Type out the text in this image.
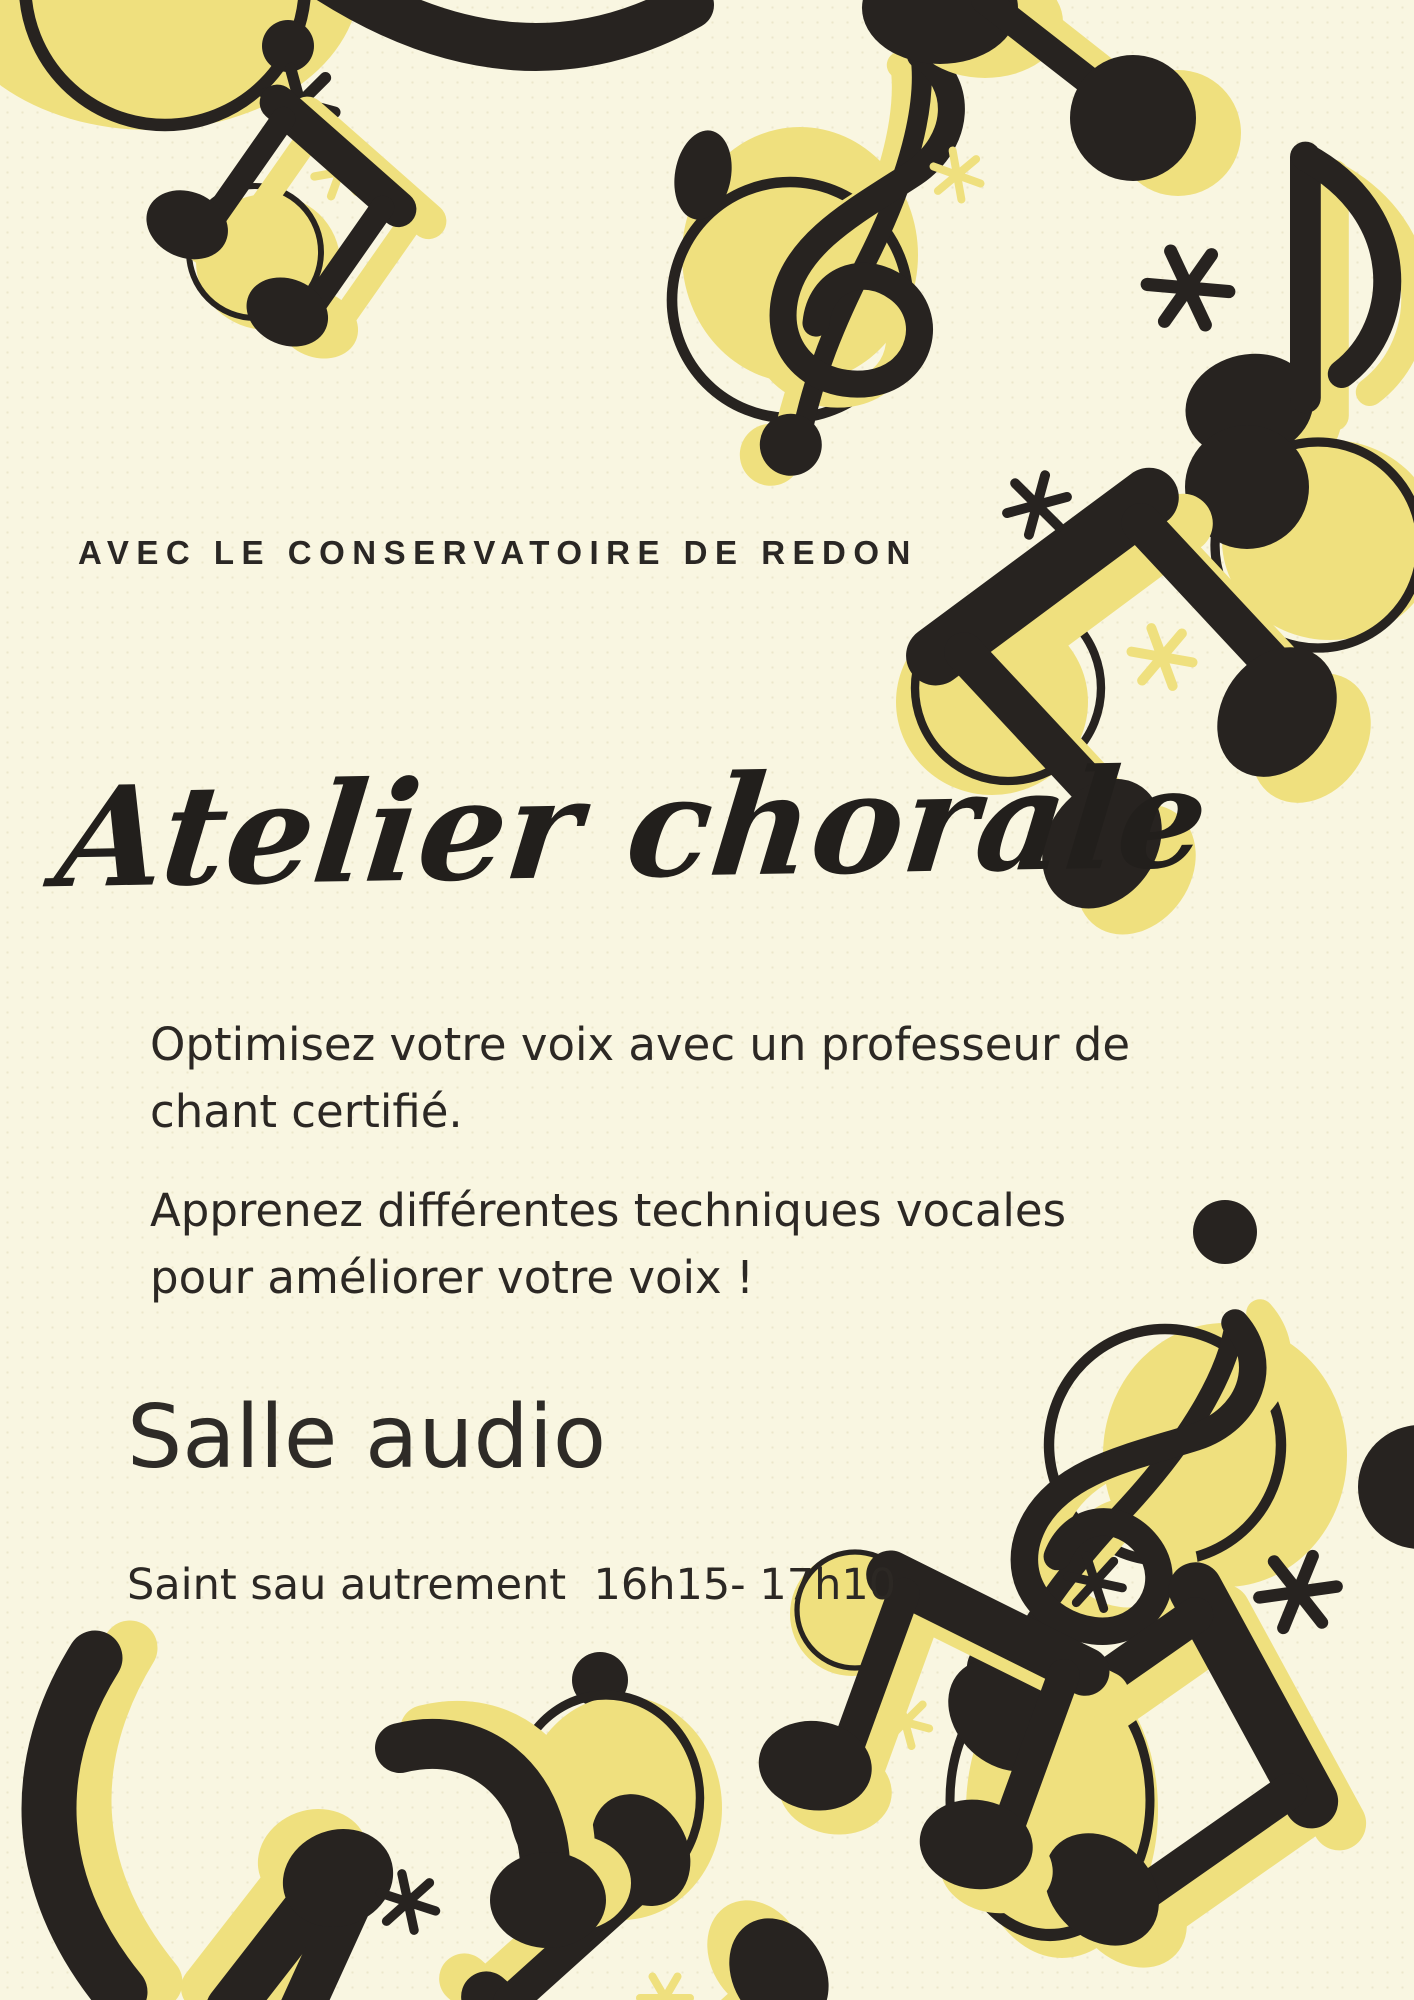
AVEC LE CONSERVATOIRE DE REDON
Atelier chorale
Optimisez votre voix avec un professeur de chant certifié.
Apprenez différentes techniques vocales pour améliorer votre voix !
Salle audio
Saint sau autrement  16h15- 17h10
